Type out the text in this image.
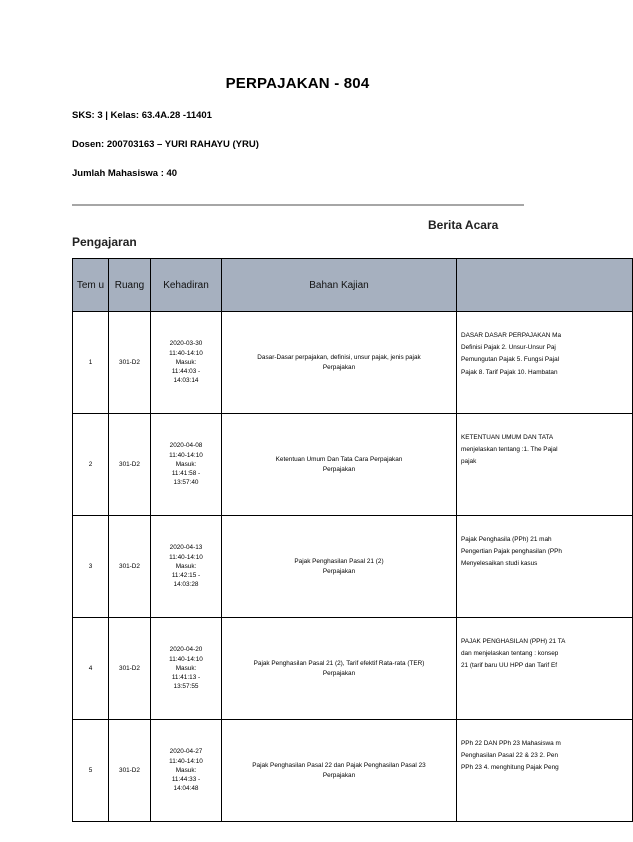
PERPAJAKAN - 804
SKS: 3 | Kelas: 63.4A.28 -11401
Dosen: 200703163 – YURI RAHAYU (YRU)
Jumlah Mahasiswa : 40
Berita Acara
Pengajaran
Tem u	Ruang	Kehadiran	Bahan Kajian	
1	301-D2	2020-03-30
11:40-14:10
Masuk:
11:44:03 -
14:03:14	Dasar-Dasar perpajakan, definisi, unsur pajak, jenis pajak
Perpajakan	DASAR DASAR PERPAJAKAN Ma
Definisi Pajak 2. Unsur-Unsur Paj
Pemungutan Pajak 5. Fungsi Pajal
Pajak 8. Tarif Pajak 10. Hambatan

2	301-D2	2020-04-08
11:40-14:10
Masuk:
11:41:58 -
13:57:40	Ketentuan Umum Dan Tata Cara Perpajakan
Perpajakan	KETENTUAN UMUM DAN TATA
menjelaskan tentang :1. The Pajal
pajak

3	301-D2	2020-04-13
11:40-14:10
Masuk:
11:42:15 -
14:03:28	Pajak Penghasilan Pasal 21 (2)
Perpajakan	Pajak Penghasila (PPh) 21 mah
Pengertian Pajak penghasilan (PPh
Menyelesaikan studi kasus

4	301-D2	2020-04-20
11:40-14:10
Masuk:
11:41:13 -
13:57:55	Pajak Penghasilan Pasal 21 (2), Tarif efektif Rata-rata (TER)
Perpajakan	PAJAK PENGHASILAN (PPH) 21 TA
dan menjelaskan tentang : konsep
21 (tarif baru UU HPP dan Tarif Ef

5	301-D2	2020-04-27
11:40-14:10
Masuk:
11:44:33 -
14:04:48	Pajak Penghasilan Pasal 22 dan Pajak Penghasilan Pasal 23
Perpajakan	PPh 22 DAN PPh 23 Mahasiswa m
Penghasilan Pasal 22 & 23 2. Pen
PPh 23 4. menghitung Pajak Peng
